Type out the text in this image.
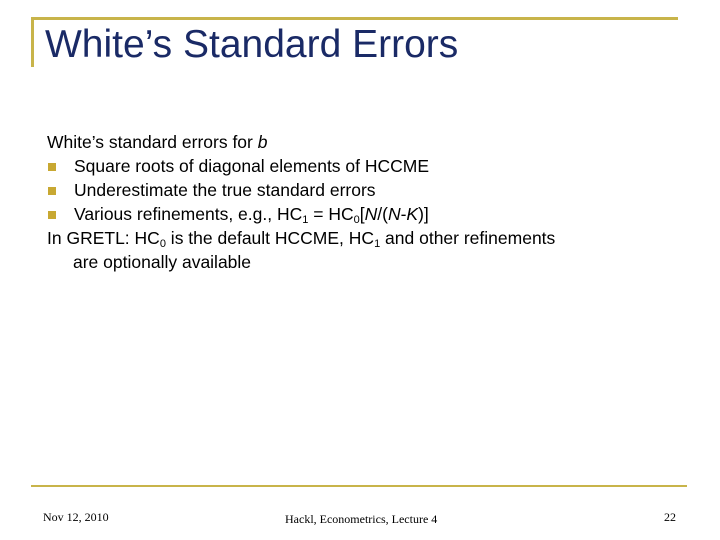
White’s Standard Errors
White’s standard errors for b
Square roots of diagonal elements of HCCME
Underestimate the true standard errors
Various refinements, e.g., $HC_1 = HC_0[N/(N-K)]$
In GRETL: $HC_0$ is the default HCCME, $HC_1$ and other refinements
are optionally available
Nov 12, 2010	Hackl, Econometrics, Lecture 4	22
